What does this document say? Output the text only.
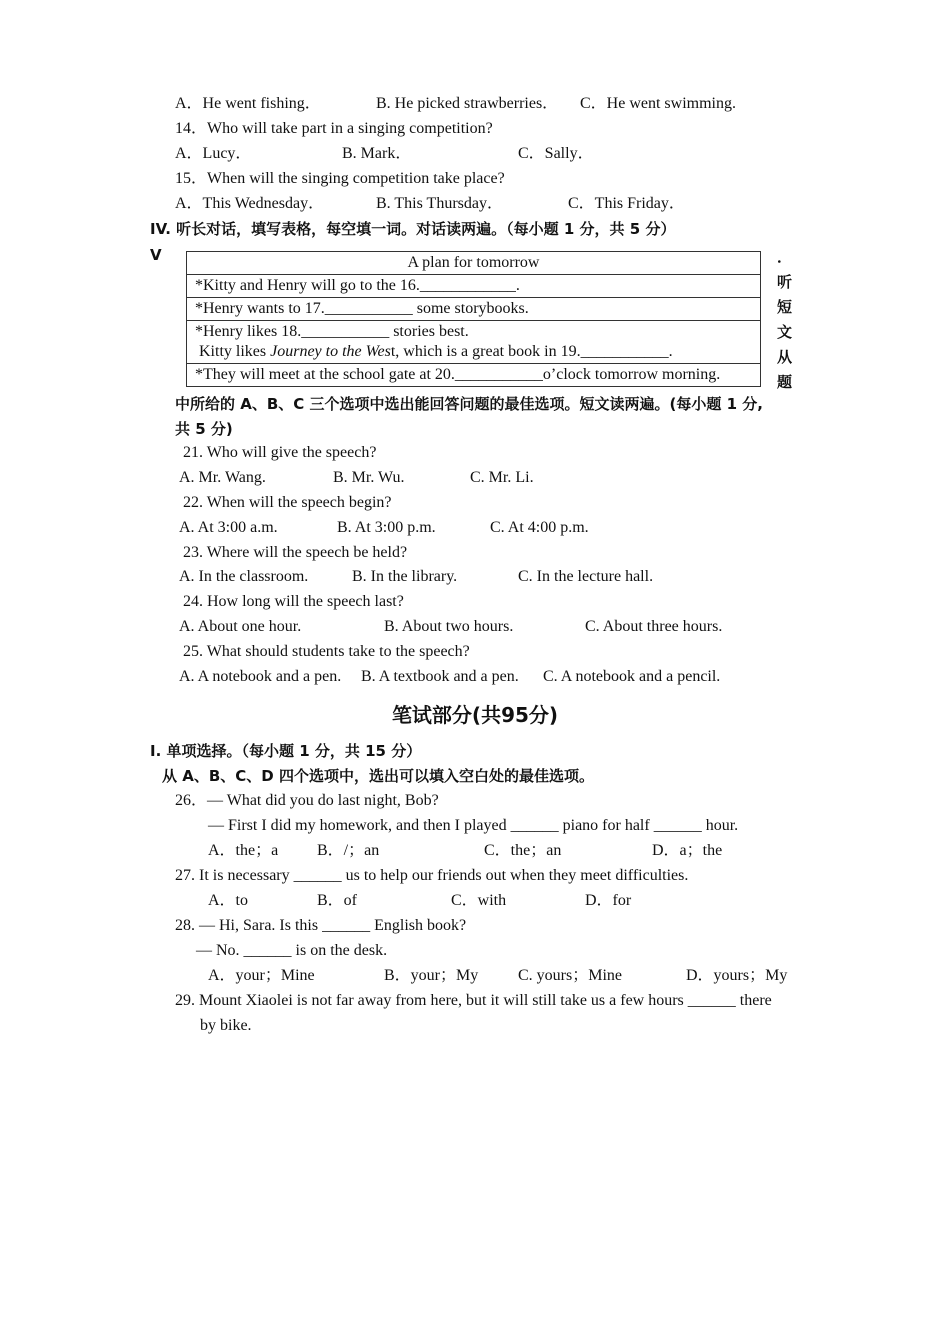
A．He went fishing．	B. He picked strawberries． C．He went swimming.
14．Who will take part in a singing competition?
A．Lucy．	B. Mark．	C．Sally．
15．When will the singing competition take place?
A．This Wednesday．	B. This Thursday．	C．This Friday．
IV. 听长对话，填写表格，每空填一词。对话读两遍。（每小题 1 分，共 5 分）
V	A plan for tomorrow
*Kitty and Henry will go to the 16.____________.
*Henry wants to 17.___________ some storybooks.

*Henry likes 18.___________ stories best.
Kitty likes Journey to the West, which is a great book in 19.___________.

*They will meet at the school gate at 20.___________o’clock tomorrow morning.
．
听
短
文
从
题
中所给的 A、B、C 三个选项中选出能回答问题的最佳选项。短文读两遍。(每小题 1 分,
共 5 分)
21. Who will give the speech?
A. Mr. Wang.	B. Mr. Wu.	C. Mr. Li.
22. When will the speech begin?
A. At 3:00 a.m.	B. At 3:00 p.m.	C. At 4:00 p.m.
23. Where will the speech be held?
A. In the classroom.	B. In the library.	C. In the lecture hall.
24. How long will the speech last?
A. About one hour.	B. About two hours.	C. About three hours.
25. What should students take to the speech?
A. A notebook and a pen. B. A textbook and a pen. C. A notebook and a pencil.
笔试部分(共95分)
I. 单项选择。（每小题 1 分，共 15 分）
从 A、B、C、D 四个选项中，选出可以填入空白处的最佳选项。
26．— What did you do last night, Bob?
— First I did my homework, and then I played ______ piano for half ______ hour.
A．the；a B．/；an	C．the；an	D．a；the
27. It is necessary ______ us to help our friends out when they meet difficulties.
A．to	B．of	C．with	D．for
28. — Hi, Sara. Is this ______ English book?
— No. ______ is on the desk.
A．your；Mine	B．your；My C. yours；Mine	D．yours；My
29. Mount Xiaolei is not far away from here, but it will still take us a few hours ______ there
by bike.
